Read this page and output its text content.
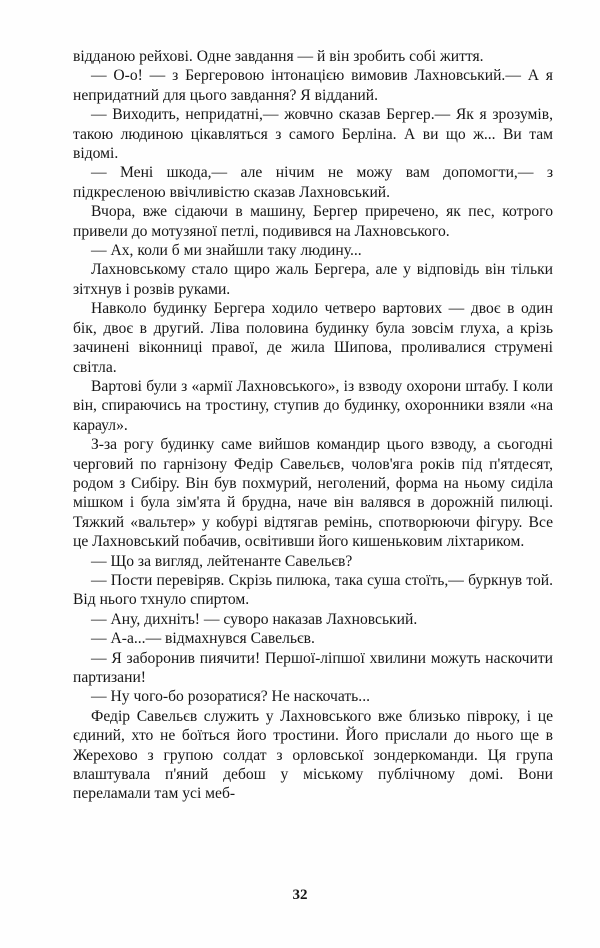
відданою рейхові. Одне завдання — й він зробить собі життя.

— О-о! — з Бергеровою інтонацією вимовив Лахновський.— А я непридатний для цього завдання? Я відданий.

— Виходить, непридатні,— жовчно сказав Бергер.— Як я зрозумів, такою людиною цікавляться з самого Берліна. А ви що ж... Ви там відомі.

— Мені шкода,— але нічим не можу вам допомогти,— з підкресленою ввічливістю сказав Лахновський.

Вчора, вже сідаючи в машину, Бергер приречено, як пес, котрого привели до мотузяної петлі, подивився на Лахновського.

— Ах, коли б ми знайшли таку людину...

Лахновському стало щиро жаль Бергера, але у відповідь він тільки зітхнув і розвів руками.

Навколо будинку Бергера ходило четверо вартових — двоє в один бік, двоє в другий. Ліва половина будинку була зовсім глуха, а крізь зачинені віконниці правої, де жила Шипова, проливалися струмені світла.

Вартові були з «армії Лахновського», із взводу охорони штабу. І коли він, спираючись на тростину, ступив до будинку, охоронники взяли «на караул».

З-за рогу будинку саме вийшов командир цього взводу, а сьогодні черговий по гарнізону Федір Савельєв, чолов'яга років під п'ятдесят, родом з Сибіру. Він був похмурий, неголений, форма на ньому сиділа мішком і була зім'ята й брудна, наче він валявся в дорожній пилюці. Тяжкий «вальтер» у кобурі відтягав ремінь, спотворюючи фігуру. Все це Лахновський побачив, освітивши його кишеньковим ліхтариком.

— Що за вигляд, лейтенанте Савельєв?

— Пости перевіряв. Скрізь пилюка, така суша стоїть,— буркнув той. Від нього тхнуло спиртом.

— Ану, дихніть! — суворо наказав Лахновський.

— А-а...— відмахнувся Савельєв.

— Я заборонив пиячити! Першої-ліпшої хвилини можуть наскочити партизани!

— Ну чого-бо розоратися? Не наскочать...

Федір Савельєв служить у Лахновського вже близько півроку, і це єдиний, хто не боїться його тростини. Його прислали до нього ще в Жерехово з групою солдат з орловської зондеркоманди. Ця група влаштувала п'яний дебош у міському публічному домі. Вони переламали там усі меб-

32
